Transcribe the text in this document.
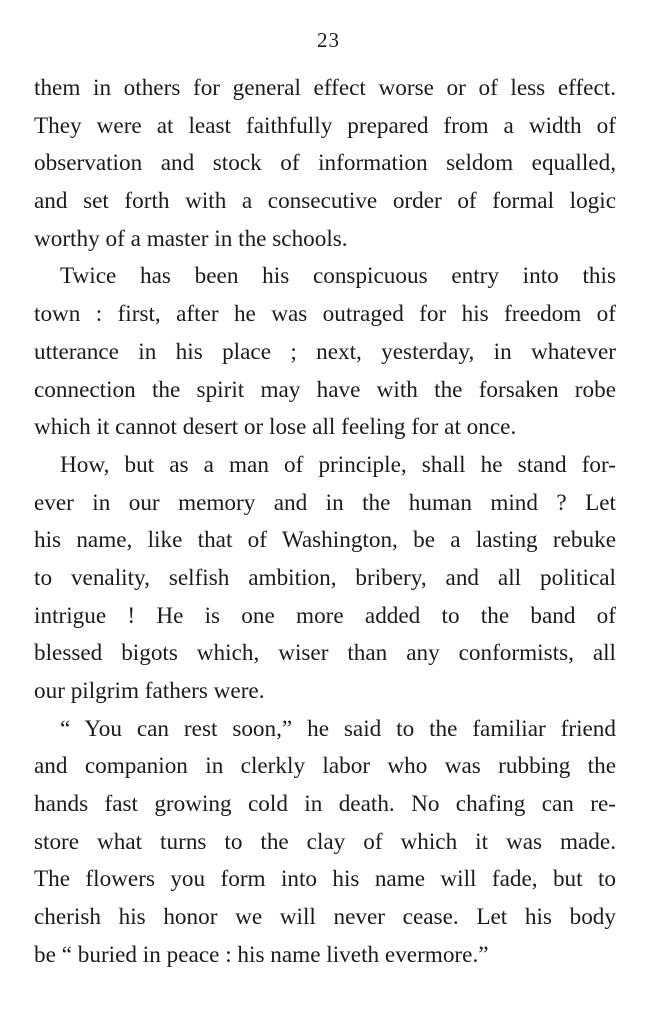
23
them in others for general effect worse or of less effect.
They were at least faithfully prepared from a width of
observation and stock of information seldom equalled,
and set forth with a consecutive order of formal logic
worthy of a master in the schools.
Twice has been his conspicuous entry into this
town : first, after he was outraged for his freedom of
utterance in his place ; next, yesterday, in whatever
connection the spirit may have with the forsaken robe
which it cannot desert or lose all feeling for at once.
How, but as a man of principle, shall he stand for-
ever in our memory and in the human mind ? Let
his name, like that of Washington, be a lasting rebuke
to venality, selfish ambition, bribery, and all political
intrigue ! He is one more added to the band of
blessed bigots which, wiser than any conformists, all
our pilgrim fathers were.
“ You can rest soon,” he said to the familiar friend
and companion in clerkly labor who was rubbing the
hands fast growing cold in death. No chafing can re-
store what turns to the clay of which it was made.
The flowers you form into his name will fade, but to
cherish his honor we will never cease. Let his body
be “ buried in peace : his name liveth evermore.”
